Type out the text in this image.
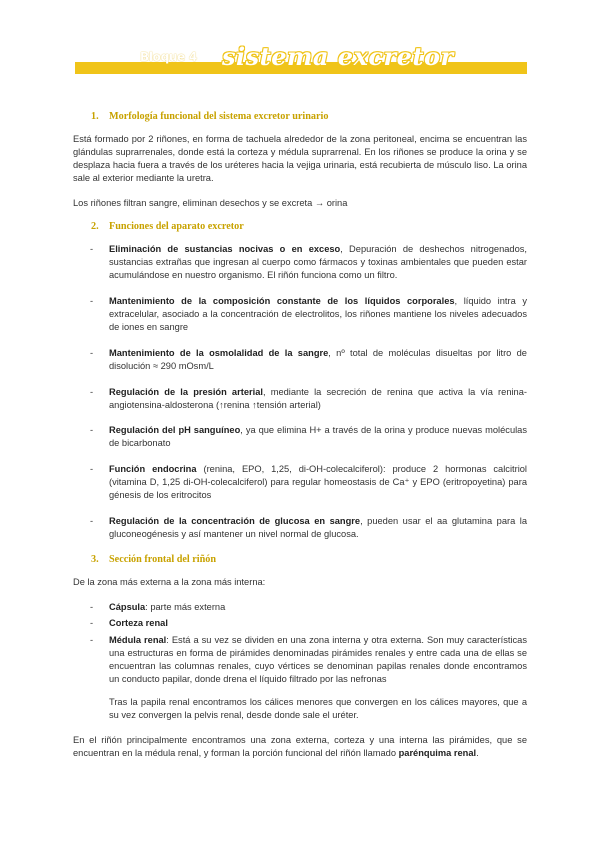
Bloque 4 sistema excretor
1. Morfología funcional del sistema excretor urinario
Está formado por 2 riñones, en forma de tachuela alrededor de la zona peritoneal, encima se encuentran las glándulas suprarrenales, donde está la corteza y médula suprarrenal. En los riñones se produce la orina y se desplaza hacia fuera a través de los uréteres hacia la vejiga urinaria, está recubierta de músculo liso. La orina sale al exterior mediante la uretra.
Los riñones filtran sangre, eliminan desechos y se excreta → orina
2. Funciones del aparato excretor
- Eliminación de sustancias nocivas o en exceso, Depuración de deshechos nitrogenados, sustancias extrañas que ingresan al cuerpo como fármacos y toxinas ambientales que pueden estar acumulándose en nuestro organismo. El riñón funciona como un filtro.
- Mantenimiento de la composición constante de los líquidos corporales, líquido intra y extracelular, asociado a la concentración de electrolitos, los riñones mantiene los niveles adecuados de iones en sangre
- Mantenimiento de la osmolalidad de la sangre, nº total de moléculas disueltas por litro de disolución ≈ 290 mOsm/L
- Regulación de la presión arterial, mediante la secreción de renina que activa la vía renina-angiotensina-aldosterona (↑renina ↑tensión arterial)
- Regulación del pH sanguíneo, ya que elimina H+ a través de la orina y produce nuevas moléculas de bicarbonato
- Función endocrina (renina, EPO, 1,25, di-OH-colecalciferol): produce 2 hormonas calcitriol (vitamina D, 1,25 di-OH-colecalciferol) para regular homeostasis de Ca⁺ y EPO (eritropoyetina) para génesis de los eritrocitos
- Regulación de la concentración de glucosa en sangre, pueden usar el aa glutamina para la gluconeogénesis y así mantener un nivel normal de glucosa.
3. Sección frontal del riñón
De la zona más externa a la zona más interna:
- Cápsula: parte más externa
- Corteza renal
- Médula renal: Está a su vez se dividen en una zona interna y otra externa. Son muy características una estructuras en forma de pirámides denominadas pirámides renales y entre cada una de ellas se encuentran las columnas renales, cuyo vértices se denominan papilas renales donde encontramos un conducto papilar, donde drena el líquido filtrado por las nefronas
Tras la papila renal encontramos los cálices menores que convergen en los cálices mayores, que a su vez convergen la pelvis renal, desde donde sale el uréter.
En el riñón principalmente encontramos una zona externa, corteza y una interna las pirámides, que se encuentran en la médula renal, y forman la porción funcional del riñón llamado parénquima renal.
